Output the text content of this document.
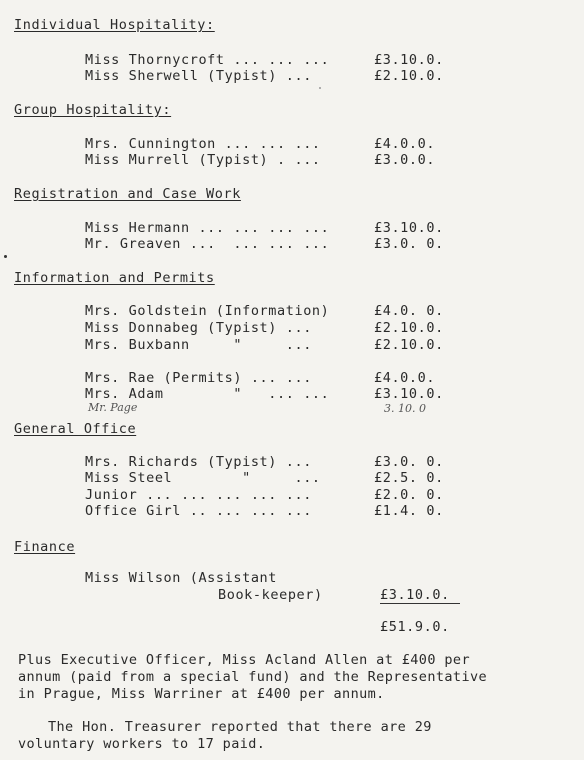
Individual Hospitality:
Miss Thornycroft ... ... ...	£3.10.0.
Miss Sherwell (Typist) ...	£2.10.0.
Group Hospitality:
Mrs. Cunnington ... ... ...	£4.0.0.
Miss Murrell (Typist) . ...	£3.0.0.
Registration and Case Work
Miss Hermann ... ... ... ...	£3.10.0.
Mr. Greaven ...  ... ... ...	£3.0. 0.
Information and Permits
Mrs. Goldstein (Information)	£4.0. 0.
Miss Donnabeg (Typist) ...	£2.10.0.
Mrs. Buxbann     "     ...	£2.10.0.
Mrs. Rae (Permits) ... ...	£4.0.0.
Mrs. Adam        "   ... ...	£3.10.0.
Mr. Page	3. 10. 0
General Office
Mrs. Richards (Typist) ...	£3.0. 0.
Miss Steel        "     ...	£2.5. 0.
Junior ... ... ... ... ...	£2.0. 0.
Office Girl .. ... ... ...	£1.4. 0.
Finance
Miss Wilson (Assistant
Book-keeper)	£3.10.0.
£51.9.0.
Plus Executive Officer, Miss Acland Allen at £400 per
annum (paid from a special fund) and the Representative
in Prague, Miss Warriner at £400 per annum.
The Hon. Treasurer reported that there are 29
voluntary workers to 17 paid.
